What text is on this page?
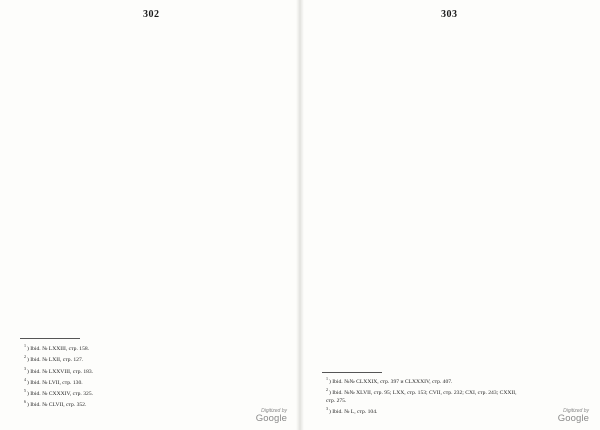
302

$^1$) Ibid. № LXXIII, стр. 158.
$^2$) Ibid. № LXII, стр. 127.
$^3$) Ibid. № LXXVIII, стр. 183.
$^4$) Ibid. № LVII, стр. 130.
$^5$) Ibid. № CXXXIV, стр. 325.
$^6$) Ibid. № CLVII, стр. 352.
Digitized by
Google
303

$^1$) Ibid. №№ CLXXIX, стр. 397 и CLXXXIV, стр. 407.
$^2$) Ibid. №№ XLVII, стр. 95; LXX, стр. 153; CVII, стр. 232; CXI, стр. 243; CXXII, стр. 275.
$^3$) Ibid. № L, стр. 104.	Digitized by
Google
